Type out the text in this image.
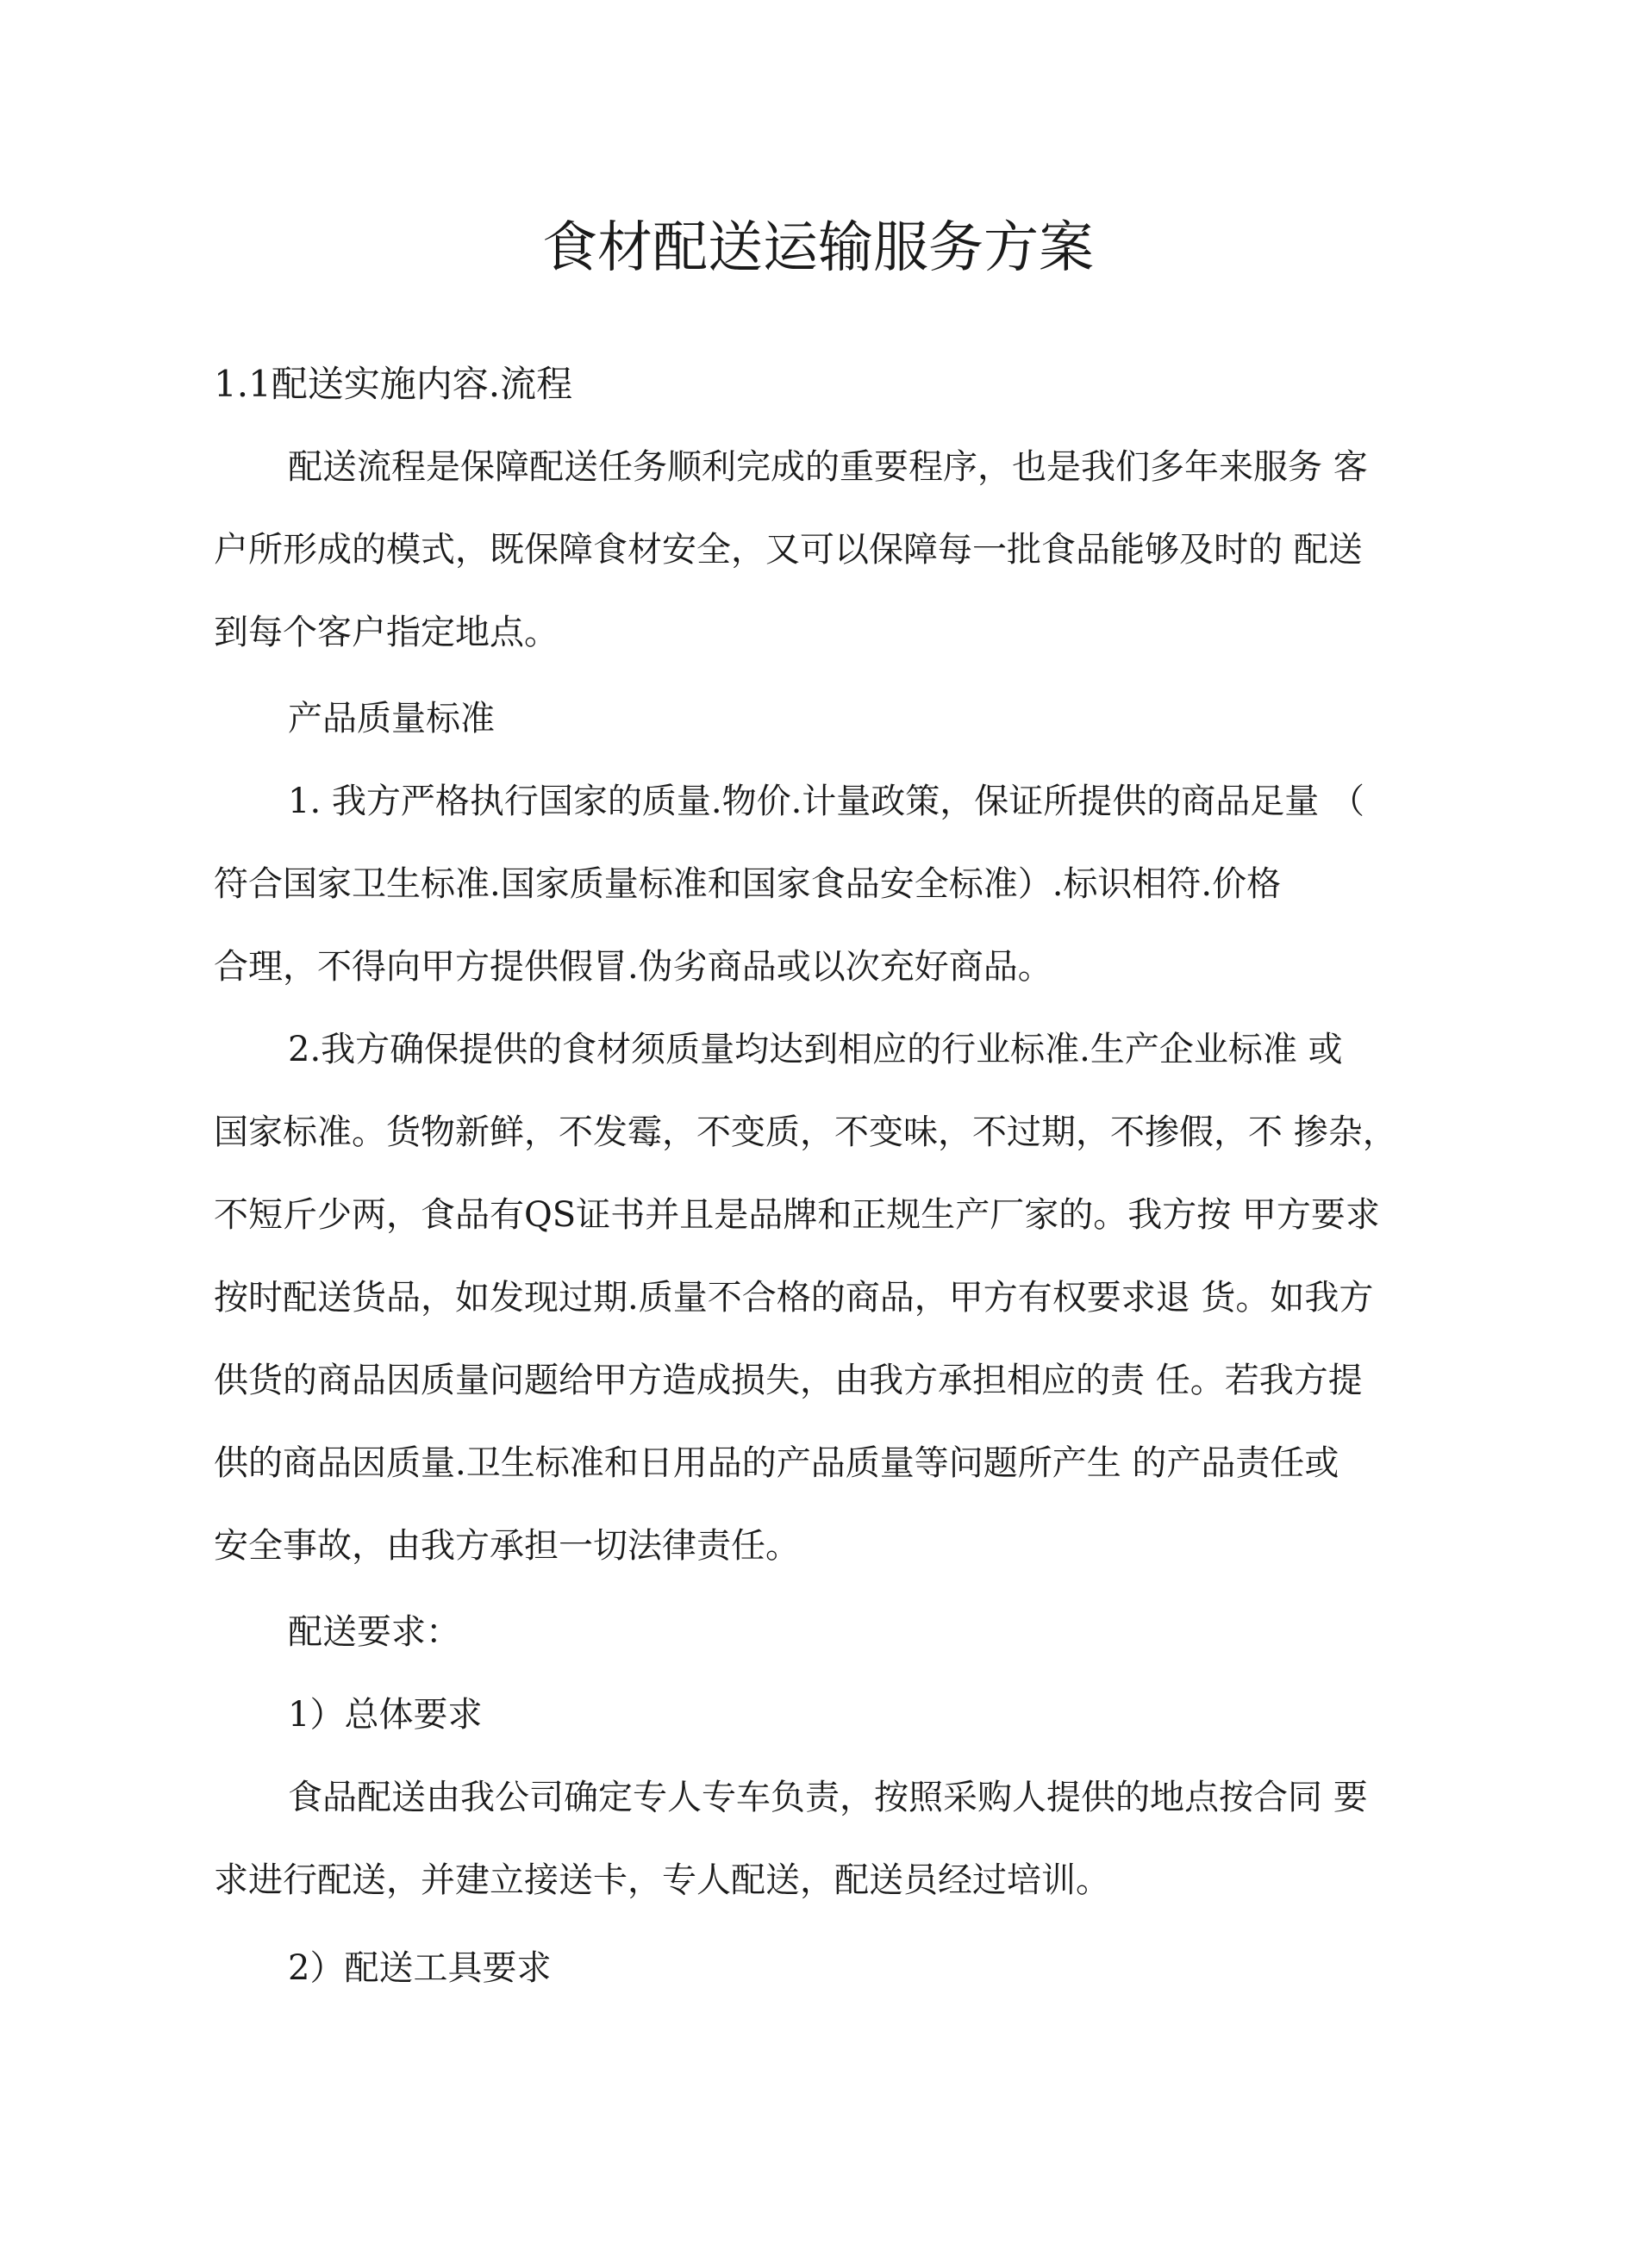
食材配送运输服务方案
1.1配送实施内容.流程
配送流程是保障配送任务顺利完成的重要程序，也是我们多年来服务 客
户所形成的模式，既保障食材安全，又可以保障每一批食品能够及时的 配送
到每个客户指定地点。
产品质量标准
1. 我方严格执行国家的质量.物价.计量政策，保证所提供的商品足量 （
符合国家卫生标准.国家质量标准和国家食品安全标准）.标识相符.价格
合理，不得向甲方提供假冒.伪劣商品或以次充好商品。
2.我方确保提供的食材须质量均达到相应的行业标准.生产企业标准 或
国家标准。货物新鲜，不发霉，不变质，不变味，不过期，不掺假，不 掺杂，
不短斤少两，食品有QS证书并且是品牌和正规生产厂家的。我方按 甲方要求
按时配送货品，如发现过期.质量不合格的商品，甲方有权要求退 货。如我方
供货的商品因质量问题给甲方造成损失，由我方承担相应的责 任。若我方提
供的商品因质量.卫生标准和日用品的产品质量等问题所产生 的产品责任或
安全事故，由我方承担一切法律责任。
配送要求：
1）总体要求
食品配送由我公司确定专人专车负责，按照采购人提供的地点按合同 要
求进行配送，并建立接送卡，专人配送，配送员经过培训。
2）配送工具要求
